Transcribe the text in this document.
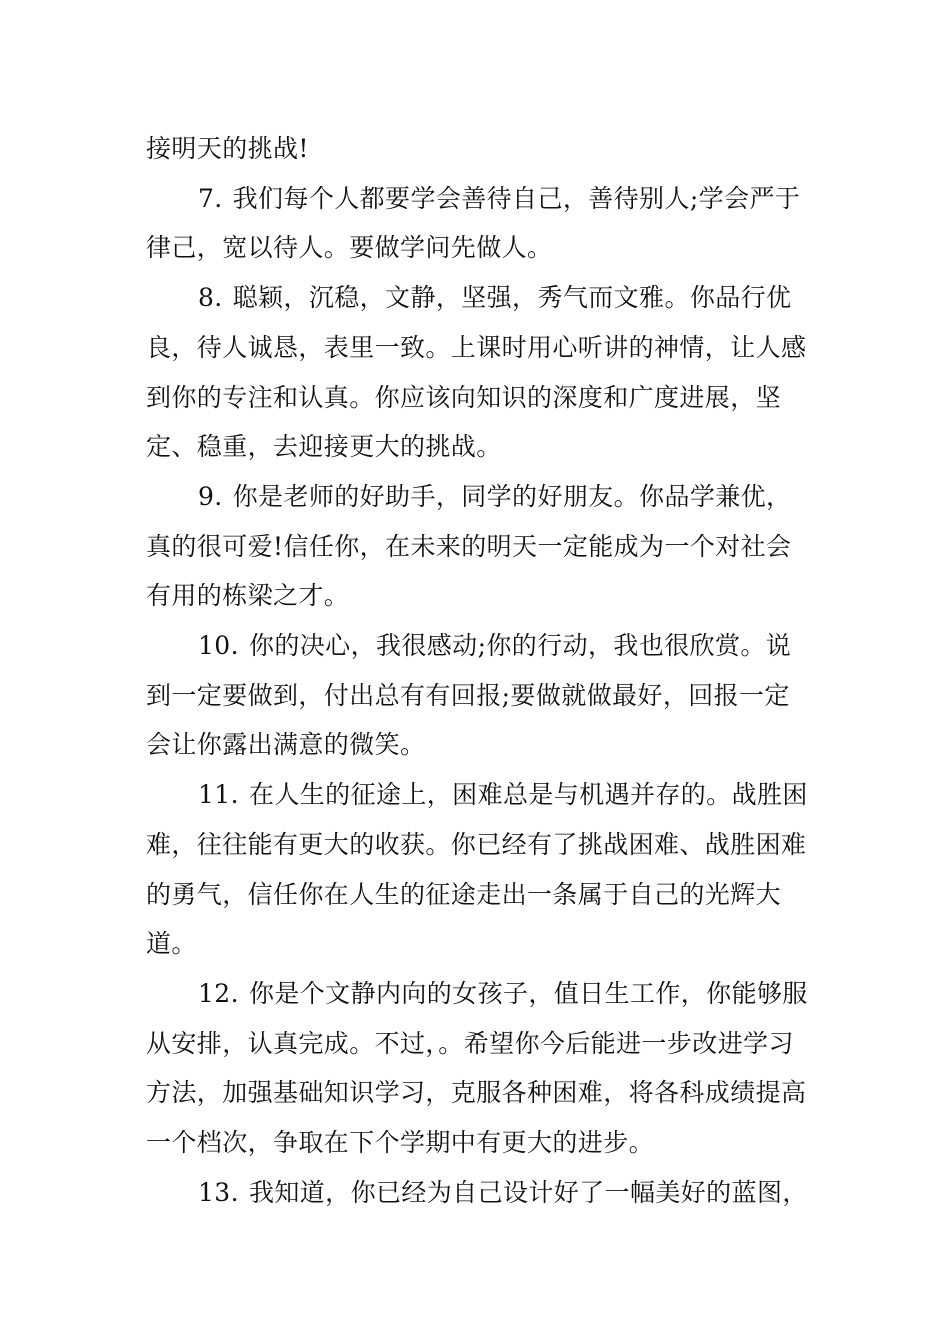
接明天的挑战!

7. 我们每个人都要学会善待自己，善待别人;学会严于律己，宽以待人。要做学问先做人。

8. 聪颖，沉稳，文静，坚强，秀气而文雅。你品行优良，待人诚恳，表里一致。上课时用心听讲的神情，让人感到你的专注和认真。你应该向知识的深度和广度进展，坚定、稳重，去迎接更大的挑战。

9. 你是老师的好助手，同学的好朋友。你品学兼优，真的很可爱!信任你，在未来的明天一定能成为一个对社会有用的栋梁之才。

10. 你的决心，我很感动;你的行动，我也很欣赏。说到一定要做到，付出总有有回报;要做就做最好，回报一定会让你露出满意的微笑。

11. 在人生的征途上，困难总是与机遇并存的。战胜困难，往往能有更大的收获。你已经有了挑战困难、战胜困难的勇气，信任你在人生的征途走出一条属于自己的光辉大道。

12. 你是个文静内向的女孩子，值日生工作，你能够服从安排，认真完成。不过，。希望你今后能进一步改进学习方法，加强基础知识学习，克服各种困难，将各科成绩提高一个档次，争取在下个学期中有更大的进步。

13. 我知道，你已经为自己设计好了一幅美好的蓝图，
